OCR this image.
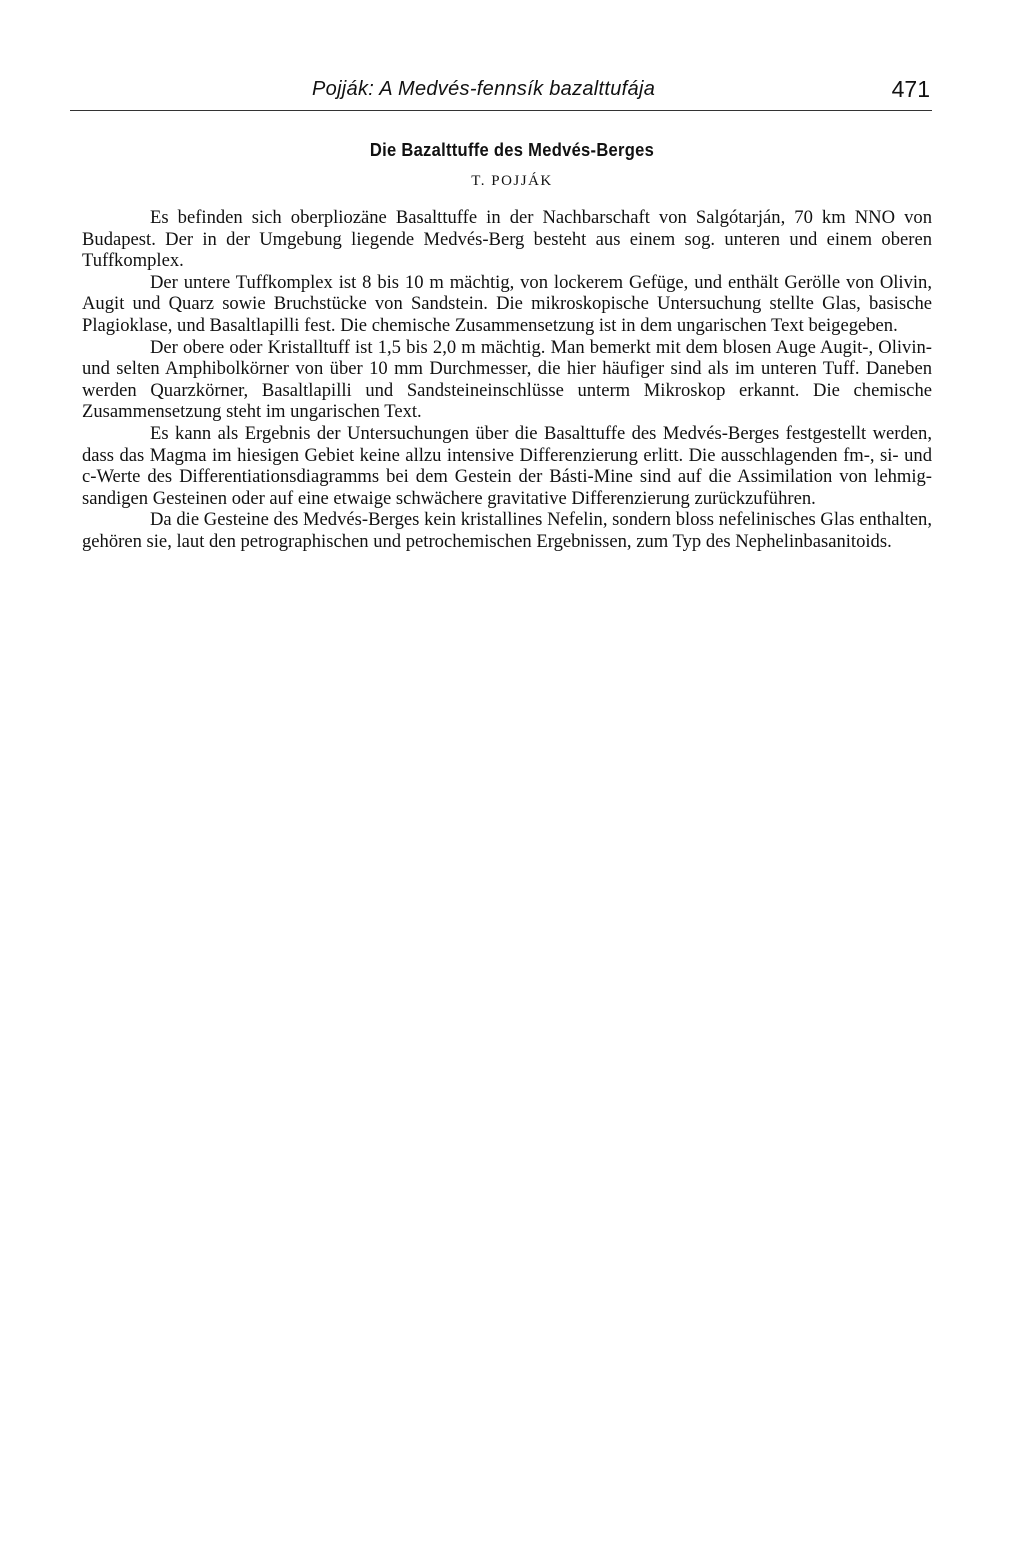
Pojják: A Medvés-fennsík bazalttufája	471
Die Bazalttuffe des Medvés-Berges
T. POJJÁK

Es befinden sich oberpliozäne Basalttuffe in der Nachbarschaft von Salgótarján, 70 km NNO von Budapest. Der in der Umgebung liegende Medvés-Berg besteht aus einem sog. unteren und einem oberen Tuffkomplex.

Der untere Tuffkomplex ist 8 bis 10 m mächtig, von lockerem Gefüge, und enthält Gerölle von Olivin, Augit und Quarz sowie Bruchstücke von Sandstein. Die mikroskopische Untersuchung stellte Glas, basische Plagioklase, und Basaltlapilli fest. Die chemische Zusammensetzung ist in dem ungarischen Text beigegeben.

Der obere oder Kristalltuff ist 1,5 bis 2,0 m mächtig. Man bemerkt mit dem blosen Auge Augit-, Olivin- und selten Amphibolkörner von über 10 mm Durchmesser, die hier häufiger sind als im unteren Tuff. Daneben werden Quarzkörner, Basaltlapilli und Sandsteineinschlüsse unterm Mikroskop erkannt. Die chemische Zusammensetzung steht im ungarischen Text.

Es kann als Ergebnis der Untersuchungen über die Basalttuffe des Medvés-Berges festgestellt werden, dass das Magma im hiesigen Gebiet keine allzu intensive Differenzierung erlitt. Die ausschlagenden fm-, si- und c-Werte des Differentiationsdiagramms bei dem Gestein der Básti-Mine sind auf die Assimilation von lehmig-sandigen Gesteinen oder auf eine etwaige schwächere gravitative Differenzierung zurückzuführen.

Da die Gesteine des Medvés-Berges kein kristallines Nefelin, sondern bloss nefelinisches Glas enthalten, gehören sie, laut den petrographischen und petrochemischen Ergebnissen, zum Typ des Nephelinbasanitoids.
